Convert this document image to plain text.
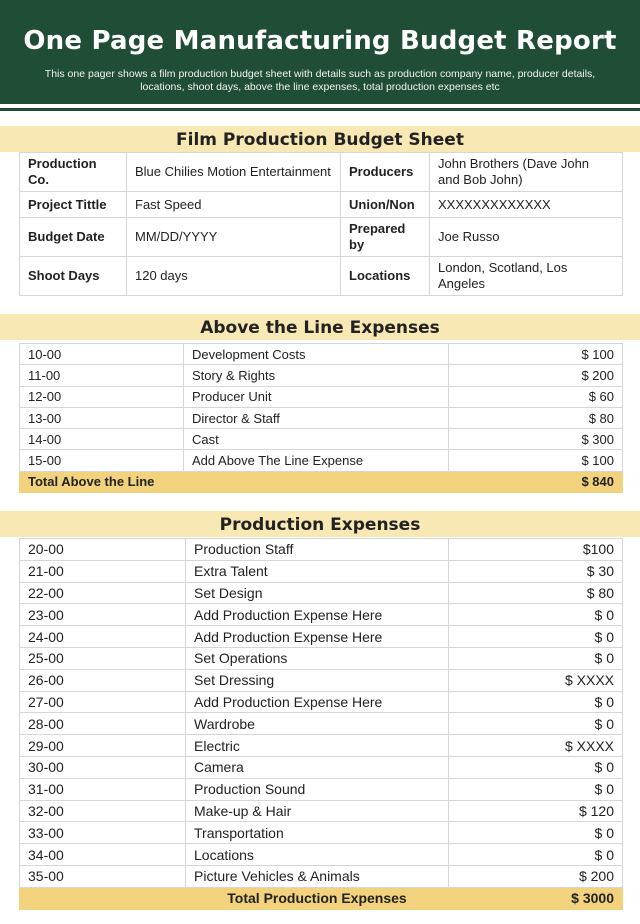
One Page Manufacturing Budget Report

This one pager shows a film production budget sheet with details such as production company name, producer details, locations, shoot days, above the line expenses, total production expenses etc

Film Production Budget Sheet
Production Co.	Blue Chilies Motion Entertainment	Producers	John Brothers (Dave John and Bob John)
Project Tittle	Fast Speed	Union/Non	XXXXXXXXXXXXX
Budget Date	MM/DD/YYYY	Prepared by	Joe Russo
Shoot Days	120 days	Locations	London, Scotland, Los Angeles
Above the Line Expenses
10-00	Development Costs	$ 100
11-00	Story & Rights	$ 200
12-00	Producer Unit	$ 60
13-00	Director & Staff	$ 80
14-00	Cast	$ 300
15-00	Add Above The Line Expense	$ 100
Total Above the Line		$ 840
Production Expenses
20-00	Production Staff	$100
21-00	Extra Talent	$ 30
22-00	Set Design	$ 80
23-00	Add Production Expense Here	$ 0
24-00	Add Production Expense Here	$ 0
25-00	Set Operations	$ 0
26-00	Set Dressing	$ XXXX
27-00	Add Production Expense Here	$ 0
28-00	Wardrobe	$ 0
29-00	Electric	$ XXXX
30-00	Camera	$ 0
31-00	Production Sound	$ 0
32-00	Make-up & Hair	$ 120
33-00	Transportation	$ 0
34-00	Locations	$ 0
35-00	Picture Vehicles & Animals	$ 200
	Total Production Expenses	$ 3000
